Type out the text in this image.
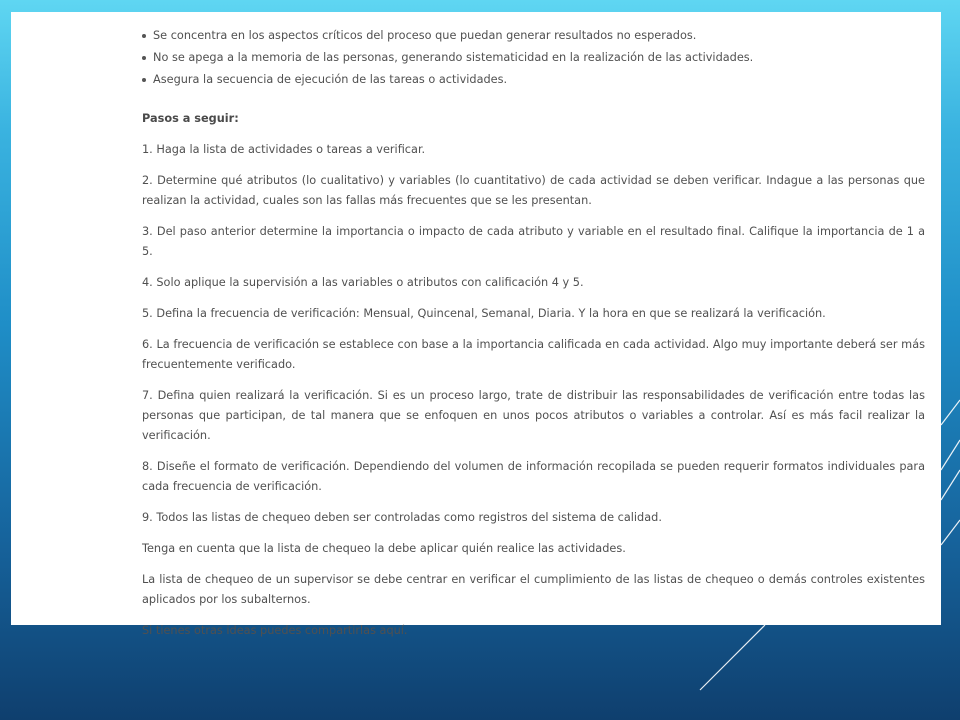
Se concentra en los aspectos críticos del proceso que puedan generar resultados no esperados.
No se apega a la memoria de las personas, generando sistematicidad en la realización de las actividades.
Asegura la secuencia de ejecución de las tareas o actividades.
Pasos a seguir:

1. Haga la lista de actividades o tareas a verificar.

2. Determine qué atributos (lo cualitativo) y variables (lo cuantitativo) de cada actividad se deben verificar. Indague a las personas que realizan la actividad, cuales son las fallas más frecuentes que se les presentan.

3. Del paso anterior determine la importancia o impacto de cada atributo y variable en el resultado final. Califique la importancia de 1 a 5.

4. Solo aplique la supervisión a las variables o atributos con calificación 4 y 5.

5. Defina la frecuencia de verificación: Mensual, Quincenal, Semanal, Diaria. Y la hora en que se realizará la verificación.

6. La frecuencia de verificación se establece con base a la importancia calificada en cada actividad. Algo muy importante deberá ser más frecuentemente verificado.

7. Defina quien realizará la verificación. Si es un proceso largo, trate de distribuir las responsabilidades de verificación entre todas las personas que participan, de tal manera que se enfoquen en unos pocos atributos o variables a controlar. Así es más facil realizar la verificación.

8. Diseñe el formato de verificación. Dependiendo del volumen de información recopilada se pueden requerir formatos individuales para cada frecuencia de verificación.

9. Todos las listas de chequeo deben ser controladas como registros del sistema de calidad.

Tenga en cuenta que la lista de chequeo la debe aplicar quién realice las actividades.

La lista de chequeo de un supervisor se debe centrar en verificar el cumplimiento de las listas de chequeo o demás controles existentes aplicados por los subalternos.

Si tienes otras ideas puedes compartirlas aquí.
